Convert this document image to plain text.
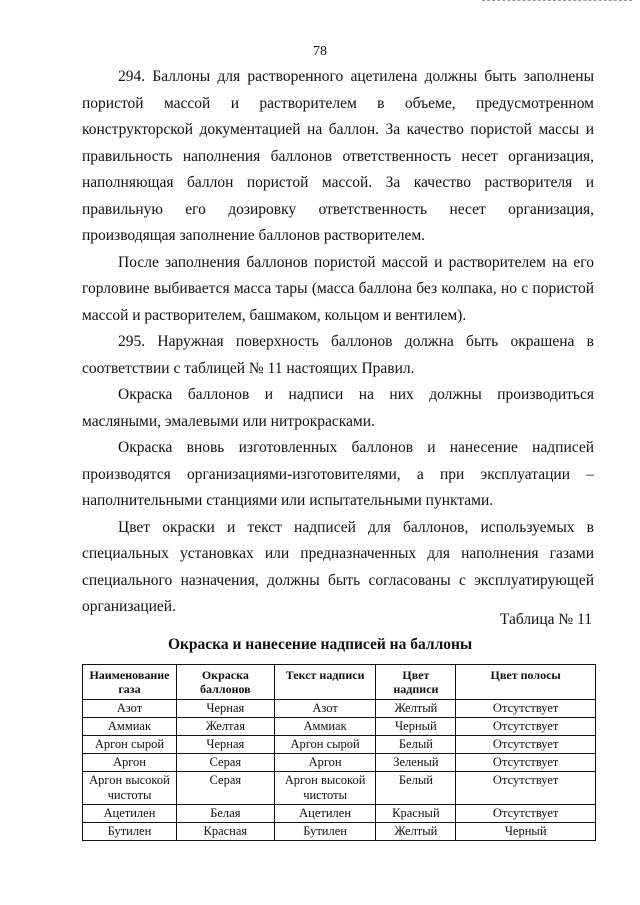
78

294. Баллоны для растворенного ацетилена должны быть заполнены пористой массой и растворителем в объеме, предусмотренном конструкторской документацией на баллон. За качество пористой массы и правильность наполнения баллонов ответственность несет организация, наполняющая баллон пористой массой. За качество растворителя и правильную его дозировку ответственность несет организация, производящая заполнение баллонов растворителем.

После заполнения баллонов пористой массой и растворителем на его горловине выбивается масса тары (масса баллона без колпака, но с пористой массой и растворителем, башмаком, кольцом и вентилем).

295. Наружная поверхность баллонов должна быть окрашена в соответствии с таблицей № 11 настоящих Правил.

Окраска баллонов и надписи на них должны производиться масляными, эмалевыми или нитрокрасками.

Окраска вновь изготовленных баллонов и нанесение надписей производятся организациями-изготовителями, а при эксплуатации – наполнительными станциями или испытательными пунктами.

Цвет окраски и текст надписей для баллонов, используемых в специальных установках или предназначенных для наполнения газами специального назначения, должны быть согласованы с эксплуатирующей организацией.

Таблица № 11
Окраска и нанесение надписей на баллоны
Наименование газа	Окраска баллонов	Текст надписи	Цвет надписи	Цвет полосы
Азот	Черная	Азот	Желтый	Отсутствует
Аммиак	Желтая	Аммиак	Черный	Отсутствует
Аргон сырой	Черная	Аргон сырой	Белый	Отсутствует
Аргон	Серая	Аргон	Зеленый	Отсутствует
Аргон высокой чистоты	Серая	Аргон высокой чистоты	Белый	Отсутствует
Ацетилен	Белая	Ацетилен	Красный	Отсутствует
Бутилен	Красная	Бутилен	Желтый	Черный
